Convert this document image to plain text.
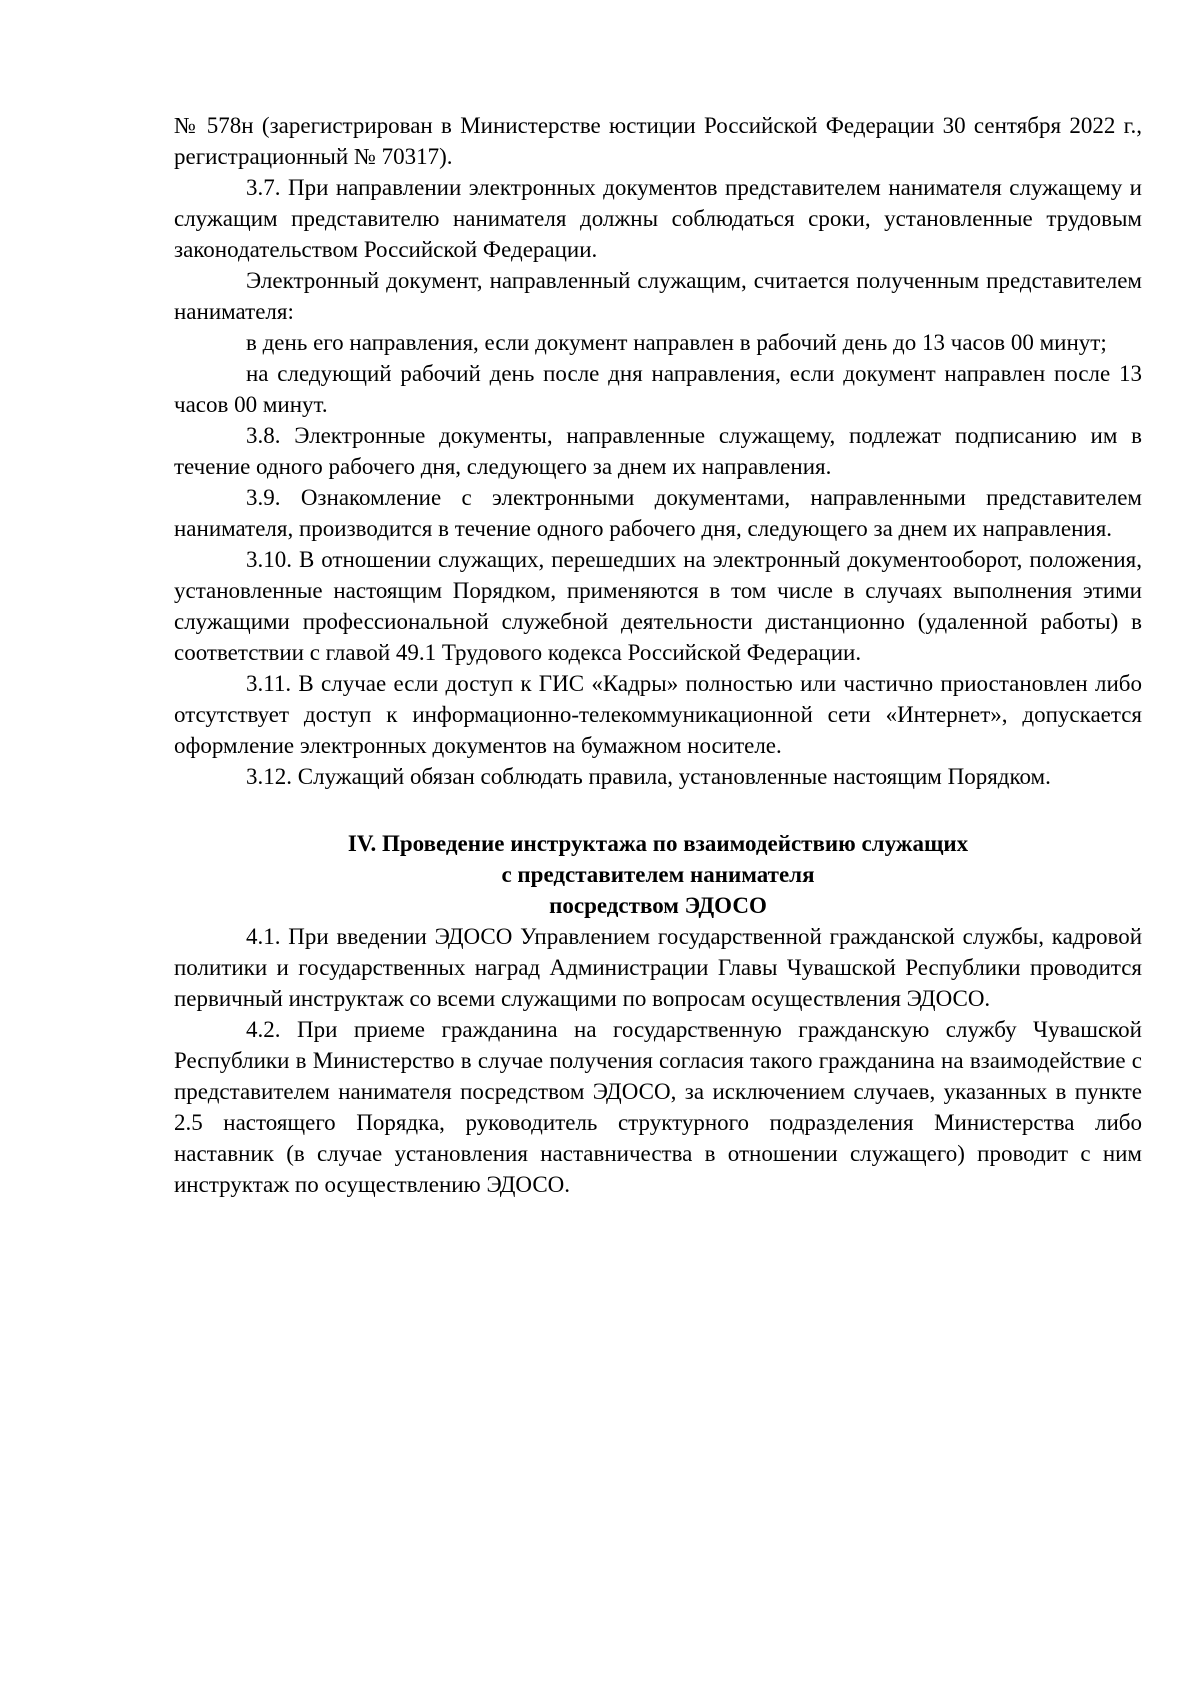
№ 578н (зарегистрирован в Министерстве юстиции Российской Федерации 30 сентября 2022 г., регистрационный № 70317).

3.7. При направлении электронных документов представителем нанимателя служащему и служащим представителю нанимателя должны соблюдаться сроки, установленные трудовым законодательством Российской Федерации.

Электронный документ, направленный служащим, считается полученным представителем нанимателя:

в день его направления, если документ направлен в рабочий день до 13 часов 00 минут;

на следующий рабочий день после дня направления, если документ направлен после 13 часов 00 минут.

3.8. Электронные документы, направленные служащему, подлежат подписанию им в течение одного рабочего дня, следующего за днем их направления.

3.9. Ознакомление с электронными документами, направленными представителем нанимателя, производится в течение одного рабочего дня, следующего за днем их направления.

3.10. В отношении служащих, перешедших на электронный документооборот, положения, установленные настоящим Порядком, применяются в том числе в случаях выполнения этими служащими профессиональной служебной деятельности дистанционно (удаленной работы) в соответствии с главой 49.1 Трудового кодекса Российской Федерации.

3.11. В случае если доступ к ГИС «Кадры» полностью или частично приостановлен либо отсутствует доступ к информационно-телекоммуникационной сети «Интернет», допускается оформление электронных документов на бумажном носителе.

3.12. Служащий обязан соблюдать правила, установленные настоящим Порядком.

IV. Проведение инструктажа по взаимодействию служащих
с представителем нанимателя
посредством ЭДОСО

4.1. При введении ЭДОСО Управлением государственной гражданской службы, кадровой политики и государственных наград Администрации Главы Чувашской Республики проводится первичный инструктаж со всеми служащими по вопросам осуществления ЭДОСО.

4.2. При приеме гражданина на государственную гражданскую службу Чувашской Республики в Министерство в случае получения согласия такого гражданина на взаимодействие с представителем нанимателя посредством ЭДОСО, за исключением случаев, указанных в пункте 2.5 настоящего Порядка, руководитель структурного подразделения Министерства либо наставник (в случае установления наставничества в отношении служащего) проводит с ним инструктаж по осуществлению ЭДОСО.
